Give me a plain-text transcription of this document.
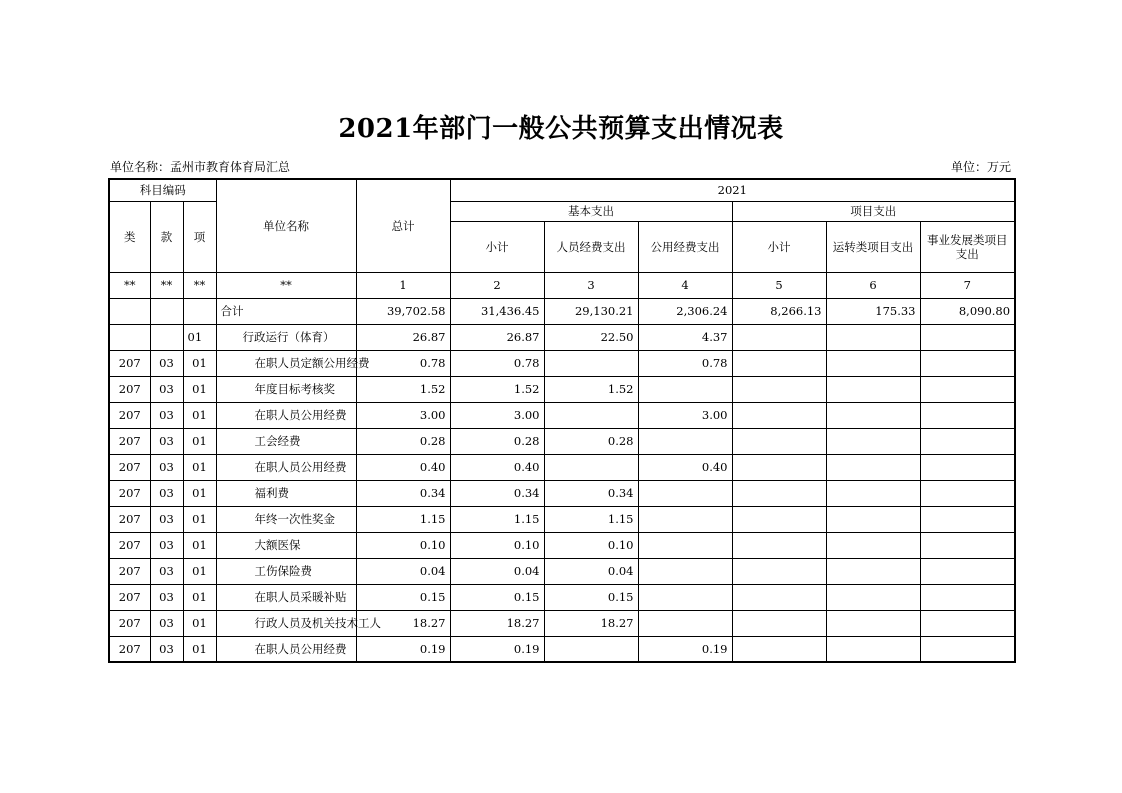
2021年部门一般公共预算支出情况表
单位名称：孟州市教育体育局汇总	单位：万元
科目编码			单位名称	总计	2021					
类	款	项			基本支出			项目支出		
					小计	人员经费支出	公用经费支出	小计	运转类项目支出	事业发展类项目支出

**	**	**	**	1	2	3	4	5	6	7
			合计	39,702.58	31,436.45	29,130.21	2,306.24	8,266.13	175.33	8,090.80
		01	行政运行（体育）	26.87	26.87	22.50	4.37			
207	03	01	在职人员定额公用经费	0.78	0.78		0.78			
207	03	01	年度目标考核奖	1.52	1.52	1.52				
207	03	01	在职人员公用经费	3.00	3.00		3.00			
207	03	01	工会经费	0.28	0.28	0.28				
207	03	01	在职人员公用经费	0.40	0.40		0.40			
207	03	01	福利费	0.34	0.34	0.34				
207	03	01	年终一次性奖金	1.15	1.15	1.15				
207	03	01	大额医保	0.10	0.10	0.10				
207	03	01	工伤保险费	0.04	0.04	0.04				
207	03	01	在职人员采暖补贴	0.15	0.15	0.15				
207	03	01	行政人员及机关技术工人	18.27	18.27	18.27				
207	03	01	在职人员公用经费	0.19	0.19		0.19			
